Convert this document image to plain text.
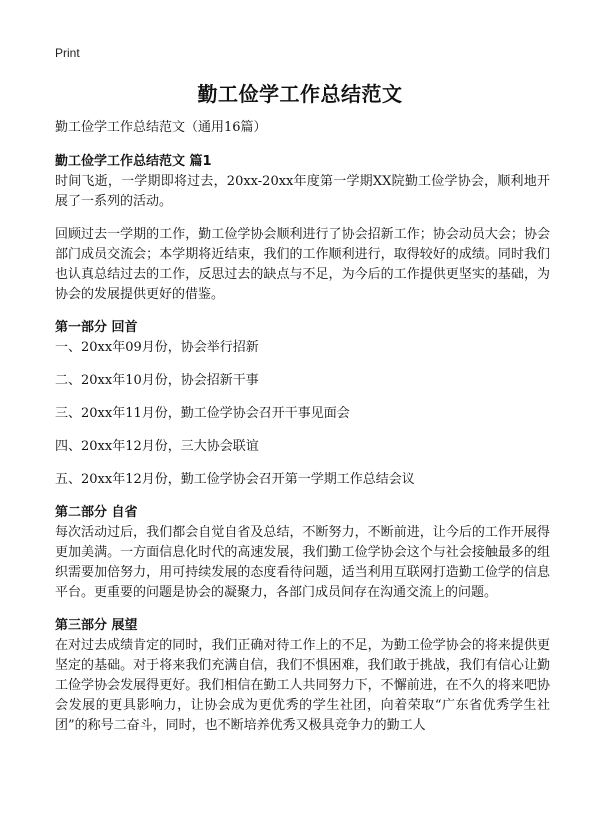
Print
勤工俭学工作总结范文

勤工俭学工作总结范文（通用16篇）

勤工俭学工作总结范文 篇1

时间飞逝，一学期即将过去，20xx-20xx年度第一学期XX院勤工俭学协会，顺利地开展了一系列的活动。

回顾过去一学期的工作，勤工俭学协会顺利进行了协会招新工作；协会动员大会；协会部门成员交流会；本学期将近结束，我们的工作顺利进行，取得较好的成绩。同时我们也认真总结过去的工作，反思过去的缺点与不足，为今后的工作提供更坚实的基础，为协会的发展提供更好的借鉴。

第一部分 回首

一、20xx年09月份，协会举行招新

二、20xx年10月份，协会招新干事

三、20xx年11月份，勤工俭学协会召开干事见面会

四、20xx年12月份，三大协会联谊

五、20xx年12月份，勤工俭学协会召开第一学期工作总结会议

第二部分 自省

每次活动过后，我们都会自觉自省及总结，不断努力，不断前进，让今后的工作开展得更加美满。一方面信息化时代的高速发展，我们勤工俭学协会这个与社会接触最多的组织需要加倍努力，用可持续发展的态度看待问题，适当利用互联网打造勤工俭学的信息平台。更重要的问题是协会的凝聚力，各部门成员间存在沟通交流上的问题。

第三部分 展望

在对过去成绩肯定的同时，我们正确对待工作上的不足，为勤工俭学协会的将来提供更坚定的基础。对于将来我们充满自信，我们不惧困难，我们敢于挑战，我们有信心让勤工俭学协会发展得更好。我们相信在勤工人共同努力下，不懈前进，在不久的将来吧协会发展的更具影响力，让协会成为更优秀的学生社团，向着荣取“广东省优秀学生社团”的称号二奋斗，同时，也不断培养优秀又极具竞争力的勤工人
